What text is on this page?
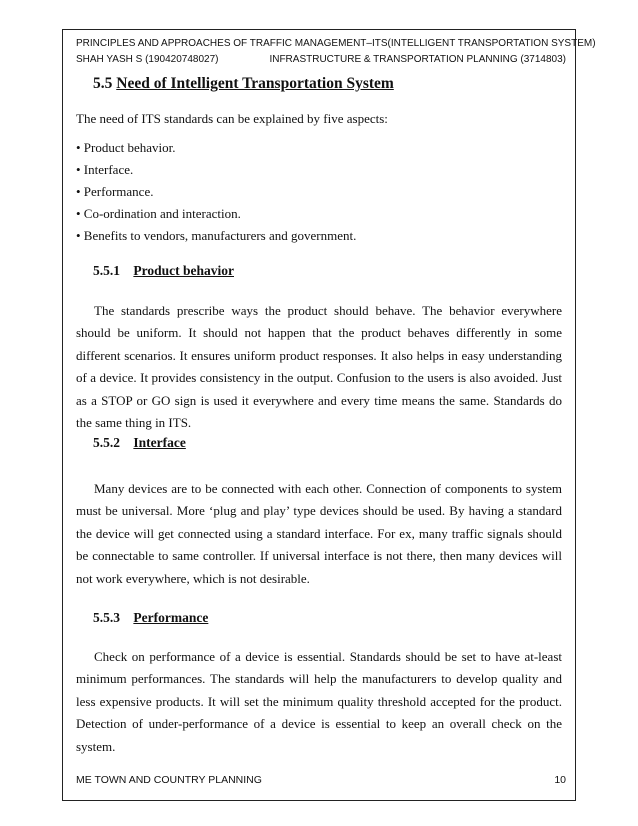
PRINCIPLES AND APPROACHES OF TRAFFIC MANAGEMENT–ITS(INTELLIGENT TRANSPORTATION SYSTEM)
SHAH YASH S (190420748027)	INFRASTRUCTURE & TRANSPORTATION PLANNING (3714803)
5.5 Need of Intelligent Transportation System
The need of ITS standards can be explained by five aspects:
• Product behavior.
• Interface.
• Performance.
• Co-ordination and interaction.
• Benefits to vendors, manufacturers and government.
5.5.1 Product behavior
The standards prescribe ways the product should behave. The behavior everywhere should be uniform. It should not happen that the product behaves differently in some different scenarios. It ensures uniform product responses. It also helps in easy understanding of a device. It provides consistency in the output. Confusion to the users is also avoided. Just as a STOP or GO sign is used it everywhere and every time means the same. Standards do the same thing in ITS.
5.5.2 Interface
Many devices are to be connected with each other. Connection of components to system must be universal. More ‘plug and play’ type devices should be used. By having a standard the device will get connected using a standard interface. For ex, many traffic signals should be connectable to same controller. If universal interface is not there, then many devices will not work everywhere, which is not desirable.
5.5.3 Performance
Check on performance of a device is essential. Standards should be set to have at-least minimum performances. The standards will help the manufacturers to develop quality and less expensive products. It will set the minimum quality threshold accepted for the product. Detection of under-performance of a device is essential to keep an overall check on the system.
ME TOWN AND COUNTRY PLANNING	10
